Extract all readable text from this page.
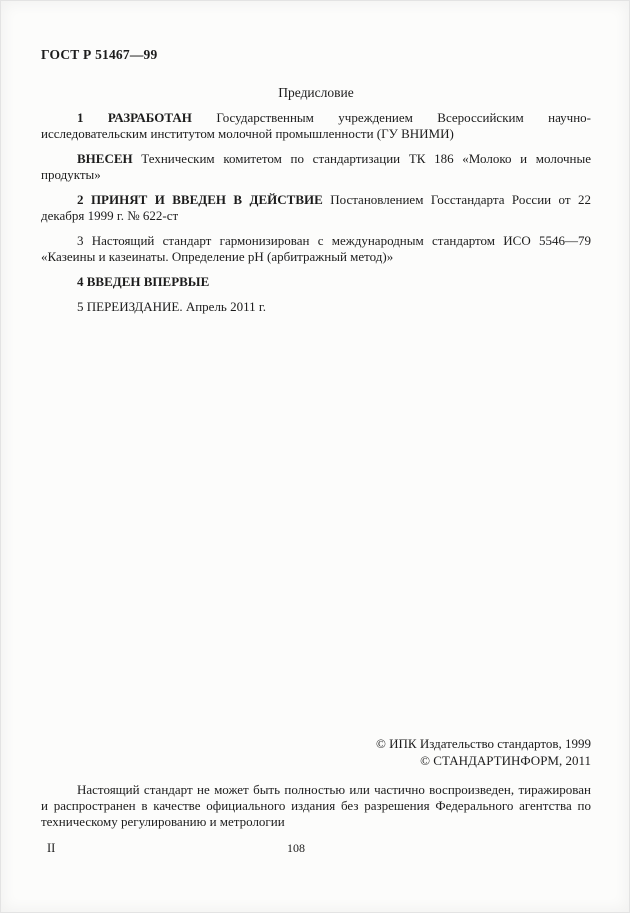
ГОСТ Р 51467—99
Предисловие
1 РАЗРАБОТАН Государственным учреждением Всероссийским научно-исследовательским институтом молочной промышленности (ГУ ВНИМИ)
ВНЕСЕН Техническим комитетом по стандартизации ТК 186 «Молоко и молочные продукты»
2 ПРИНЯТ И ВВЕДЕН В ДЕЙСТВИЕ Постановлением Госстандарта России от 22 декабря 1999 г. № 622-ст
3 Настоящий стандарт гармонизирован с международным стандартом ИСО 5546—79 «Казеины и казеинаты. Определение рН (арбитражный метод)»
4 ВВЕДЕН ВПЕРВЫЕ
5 ПЕРЕИЗДАНИЕ. Апрель 2011 г.
© ИПК Издательство стандартов, 1999
© СТАНДАРТИНФОРМ, 2011
Настоящий стандарт не может быть полностью или частично воспроизведен, тиражирован и распространен в качестве официального издания без разрешения Федерального агентства по техническому регулированию и метрологии
II	108
